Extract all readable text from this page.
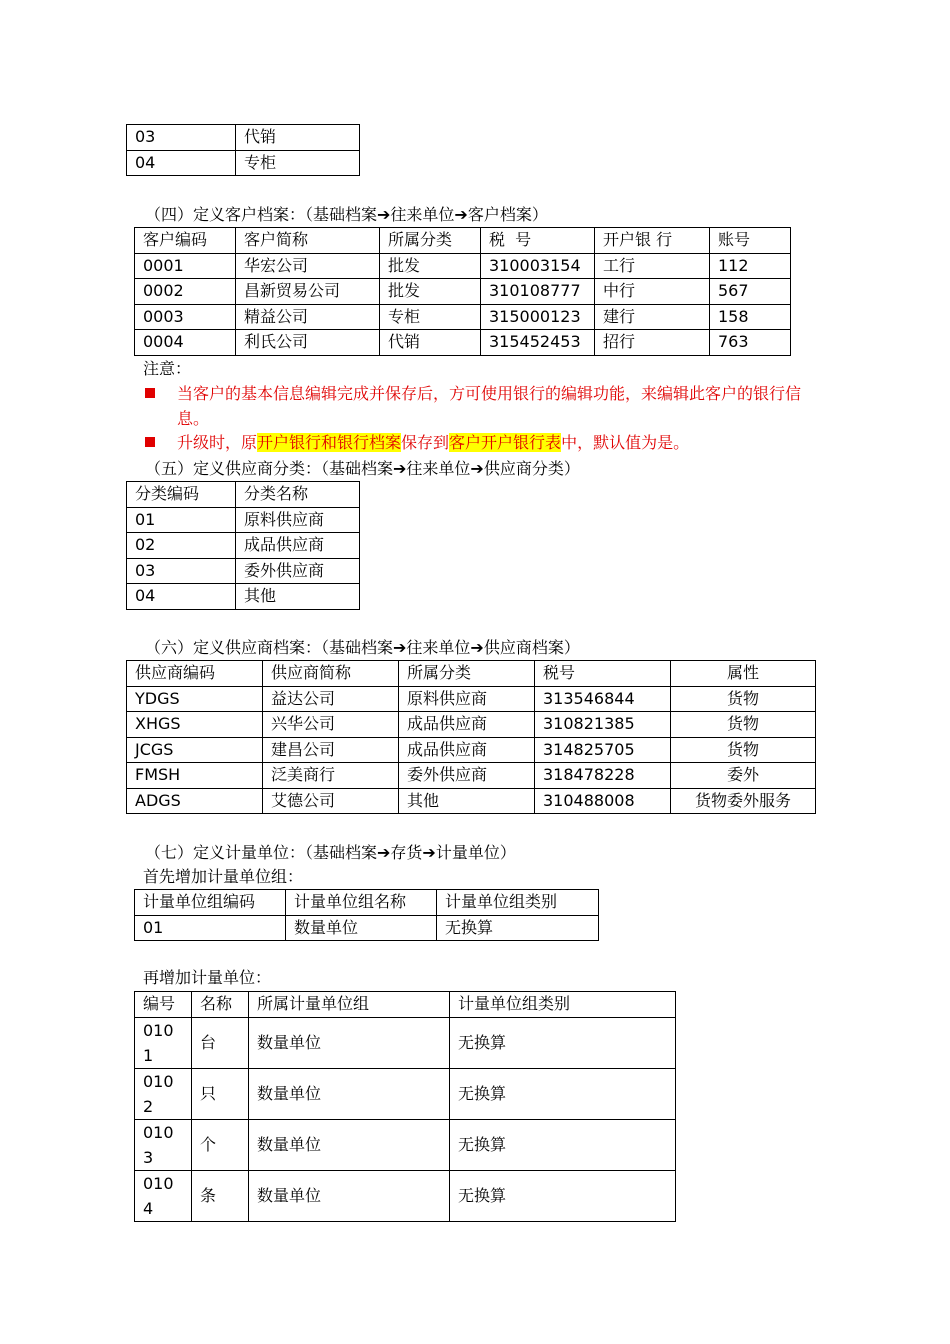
03	代销
04	专柜
（四）定义客户档案：（基础档案➔往来单位➔客户档案）
客户编码	客户简称	所属分类	税  号	开户银 行	账号
0001	华宏公司	批发	310003154	工行	112
0002	昌新贸易公司	批发	310108777	中行	567
0003	精益公司	专柜	315000123	建行	158
0004	利氏公司	代销	315452453	招行	763
注意：
当客户的基本信息编辑完成并保存后，方可使用银行的编辑功能，来编辑此客户的银行信息。
升级时，原开户银行和银行档案保存到客户开户银行表中，默认值为是。
（五）定义供应商分类：（基础档案➔往来单位➔供应商分类）
分类编码	分类名称
01	原料供应商
02	成品供应商
03	委外供应商
04	其他
（六）定义供应商档案：（基础档案➔往来单位➔供应商档案）
供应商编码	供应商简称	所属分类	税号	属性
YDGS	益达公司	原料供应商	313546844	货物
XHGS	兴华公司	成品供应商	310821385	货物
JCGS	建昌公司	成品供应商	314825705	货物
FMSH	泛美商行	委外供应商	318478228	委外
ADGS	艾德公司	其他	310488008	货物委外服务
（七）定义计量单位：（基础档案➔存货➔计量单位）
首先增加计量单位组：
计量单位组编码	计量单位组名称	计量单位组类别
01	数量单位	无换算
再增加计量单位：
编号	名称	所属计量单位组	计量单位组类别
0101	台	数量单位	无换算
0102	只	数量单位	无换算
0103	个	数量单位	无换算
0104	条	数量单位	无换算
